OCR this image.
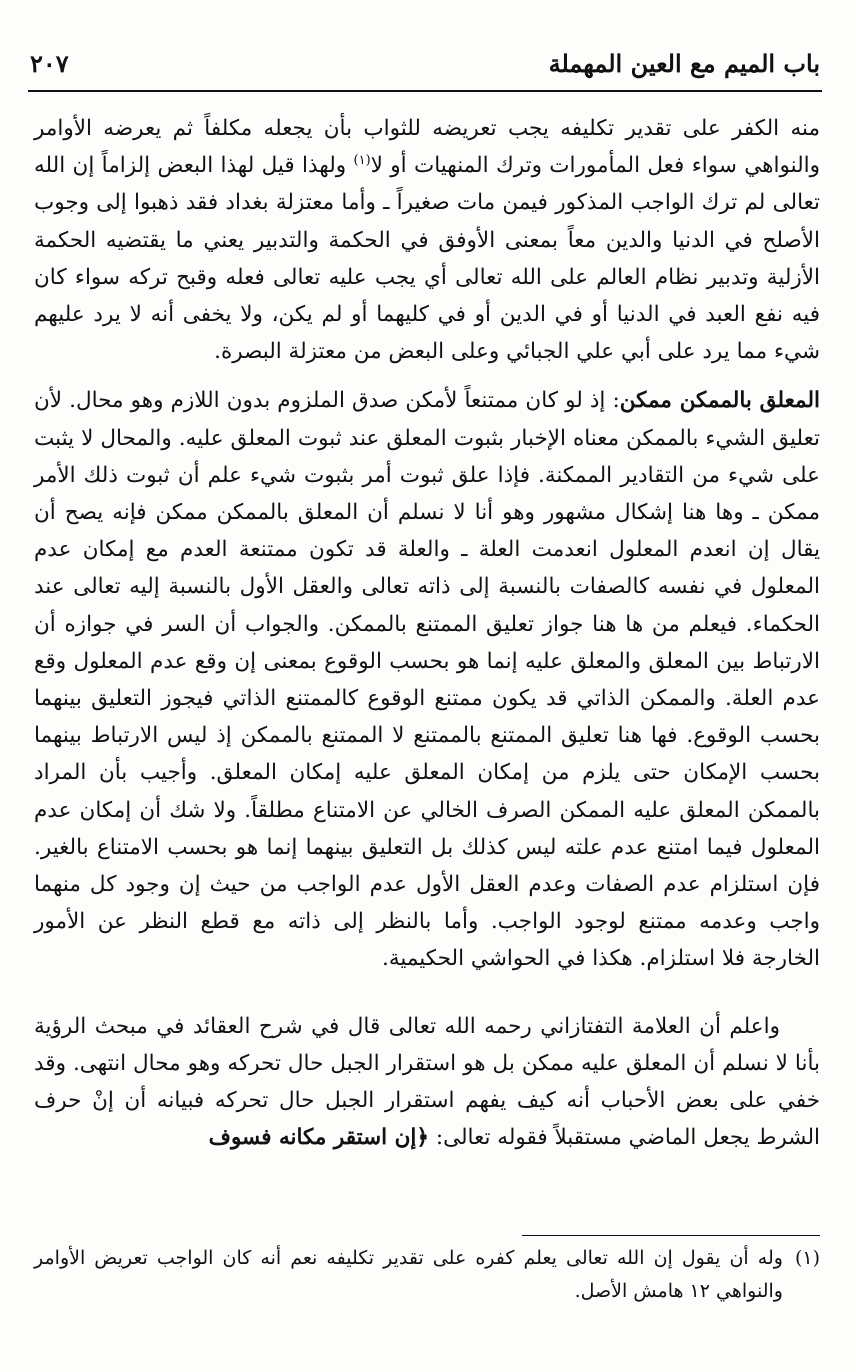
باب الميم مع العين المهملة
٢٠٧

منه الكفر على تقدير تكليفه يجب تعريضه للثواب بأن يجعله مكلفاً ثم يعرضه الأوامر والنواهي سواء فعل المأمورات وترك المنهيات أو لا$^{(١)}$ ولهذا قيل لهذا البعض إلزاماً إن الله تعالى لم ترك الواجب المذكور فيمن مات صغيراً ـ وأما معتزلة بغداد فقد ذهبوا إلى وجوب الأصلح في الدنيا والدين معاً بمعنى الأوفق في الحكمة والتدبير يعني ما يقتضيه الحكمة الأزلية وتدبير نظام العالم على الله تعالى أي يجب عليه تعالى فعله وقبح تركه سواء كان فيه نفع العبد في الدنيا أو في الدين أو في كليهما أو لم يكن، ولا يخفى أنه لا يرد عليهم شيء مما يرد على أبي علي الجبائي وعلى البعض من معتزلة البصرة.

المعلق بالممكن ممكن: إذ لو كان ممتنعاً لأمكن صدق الملزوم بدون اللازم وهو محال. لأن تعليق الشيء بالممكن معناه الإخبار بثبوت المعلق عند ثبوت المعلق عليه. والمحال لا يثبت على شيء من التقادير الممكنة. فإذا علق ثبوت أمر بثبوت شيء علم أن ثبوت ذلك الأمر ممكن ـ وها هنا إشكال مشهور وهو أنا لا نسلم أن المعلق بالممكن ممكن فإنه يصح أن يقال إن انعدم المعلول انعدمت العلة ـ والعلة قد تكون ممتنعة العدم مع إمكان عدم المعلول في نفسه كالصفات بالنسبة إلى ذاته تعالى والعقل الأول بالنسبة إليه تعالى عند الحكماء. فيعلم من ها هنا جواز تعليق الممتنع بالممكن. والجواب أن السر في جوازه أن الارتباط بين المعلق والمعلق عليه إنما هو بحسب الوقوع بمعنى إن وقع عدم المعلول وقع عدم العلة. والممكن الذاتي قد يكون ممتنع الوقوع كالممتنع الذاتي فيجوز التعليق بينهما بحسب الوقوع. فها هنا تعليق الممتنع بالممتنع لا الممتنع بالممكن إذ ليس الارتباط بينهما بحسب الإمكان حتى يلزم من إمكان المعلق عليه إمكان المعلق. وأجيب بأن المراد بالممكن المعلق عليه الممكن الصرف الخالي عن الامتناع مطلقاً. ولا شك أن إمكان عدم المعلول فيما امتنع عدم علته ليس كذلك بل التعليق بينهما إنما هو بحسب الامتناع بالغير. فإن استلزام عدم الصفات وعدم العقل الأول عدم الواجب من حيث إن وجود كل منهما واجب وعدمه ممتنع لوجود الواجب. وأما بالنظر إلى ذاته مع قطع النظر عن الأمور الخارجة فلا استلزام. هكذا في الحواشي الحكيمية.

واعلم أن العلامة التفتازاني رحمه الله تعالى قال في شرح العقائد في مبحث الرؤية بأنا لا نسلم أن المعلق عليه ممكن بل هو استقرار الجبل حال تحركه وهو محال انتهى. وقد خفي على بعض الأحباب أنه كيف يفهم استقرار الجبل حال تحركه فبيانه أن إنْ حرف الشرط يجعل الماضي مستقبلاً فقوله تعالى: ﴿إن استقر مكانه فسوف

(١)
وله أن يقول إن الله تعالى يعلم كفره على تقدير تكليفه نعم أنه كان الواجب تعريض الأوامر والنواهي ١٢ هامش الأصل.
